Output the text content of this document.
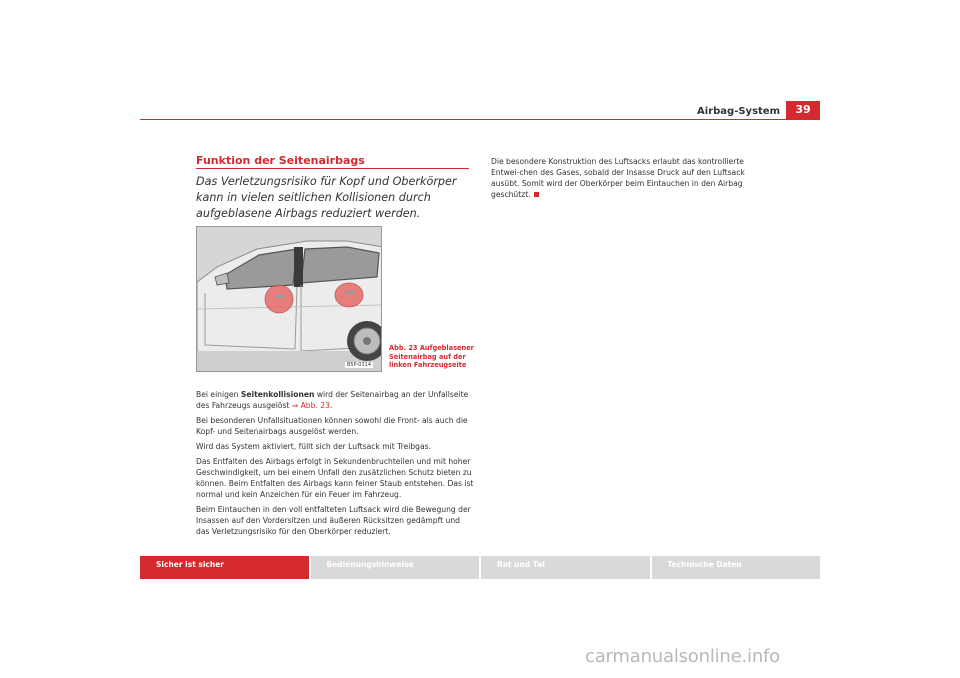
Airbag-System	39
Funktion der Seitenairbags
Das Verletzungsrisiko für Kopf und Oberkörper kann in vielen seitlichen Kollisionen durch aufgeblasene Airbags reduziert werden.
B5P-0314
Abb. 23 Aufgeblasener Seitenairbag auf der linken Fahrzeugseite

Bei einigen Seitenkollisionen wird der Seitenairbag an der Unfallseite des Fahrzeugs ausgelöst ⇒ Abb. 23.

Bei besonderen Unfallsituationen können sowohl die Front- als auch die Kopf- und Seitenairbags ausgelöst werden.

Wird das System aktiviert, füllt sich der Luftsack mit Treibgas.

Das Entfalten des Airbags erfolgt in Sekundenbruchteilen und mit hoher Geschwindigkeit, um bei einem Unfall den zusätzlichen Schutz bieten zu können. Beim Entfalten des Airbags kann feiner Staub entstehen. Das ist normal und kein Anzeichen für ein Feuer im Fahrzeug.

Beim Eintauchen in den voll entfalteten Luftsack wird die Bewegung der Insassen auf den Vordersitzen und äußeren Rücksitzen gedämpft und das Verletzungsrisiko für den Oberkörper reduziert.

Die besondere Konstruktion des Luftsacks erlaubt das kontrollierte Entwei-chen des Gases, sobald der Insasse Druck auf den Luftsack ausübt. Somit wird der Oberkörper beim Eintauchen in den Airbag geschützt.

Sicher ist sicher	Bedienungshinweise	Rat und Tat	Technische Daten
carmanualsonline.info
